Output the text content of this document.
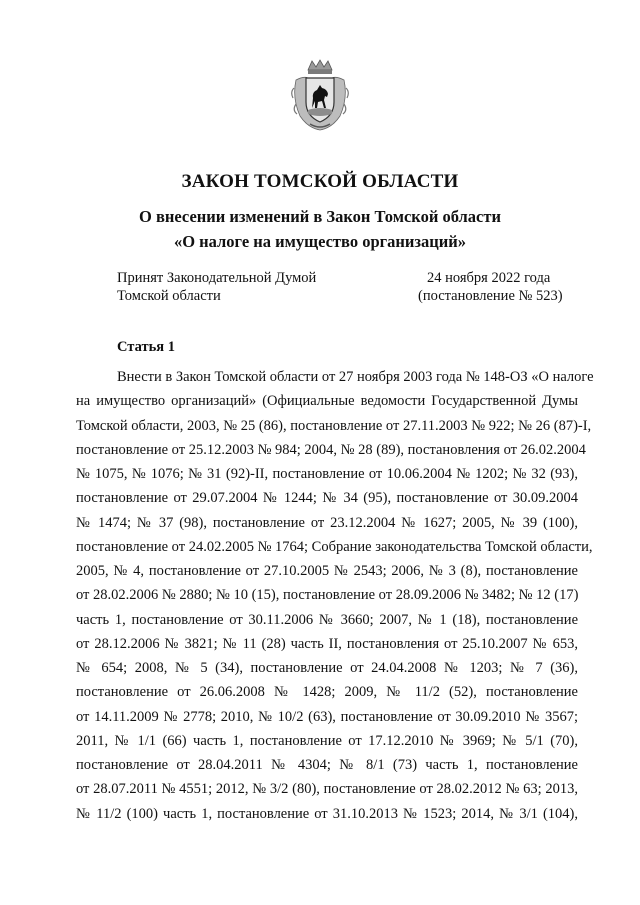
ЗАКОН ТОМСКОЙ ОБЛАСТИ
О внесении изменений в Закон Томской области
«О налоге на имущество организаций»
Принят Законодательной Думой
Томской области
24 ноября 2022 года
(постановление № 523)
Статья 1
Внести в Закон Томской области от 27 ноября 2003 года № 148-ОЗ «О налоге
на имущество организаций» (Официальные ведомости Государственной Думы
Томской области, 2003, № 25 (86), постановление от 27.11.2003 № 922; № 26 (87)-I,
постановление от 25.12.2003 № 984; 2004, № 28 (89), постановления от 26.02.2004
№ 1075, № 1076; № 31 (92)-II, постановление от 10.06.2004 № 1202; № 32 (93),
постановление от 29.07.2004 № 1244; № 34 (95), постановление от 30.09.2004
№ 1474; № 37 (98), постановление от 23.12.2004 № 1627; 2005, № 39 (100),
постановление от 24.02.2005 № 1764; Собрание законодательства Томской области,
2005, № 4, постановление от 27.10.2005 № 2543; 2006, № 3 (8), постановление
от 28.02.2006 № 2880; № 10 (15), постановление от 28.09.2006 № 3482; № 12 (17)
часть 1, постановление от 30.11.2006 № 3660; 2007, № 1 (18), постановление
от 28.12.2006 № 3821; № 11 (28) часть II, постановления от 25.10.2007 № 653,
№ 654; 2008, № 5 (34), постановление от 24.04.2008 № 1203; № 7 (36),
постановление от 26.06.2008 № 1428; 2009, № 11/2 (52), постановление
от 14.11.2009 № 2778; 2010, № 10/2 (63), постановление от 30.09.2010 № 3567;
2011, № 1/1 (66) часть 1, постановление от 17.12.2010 № 3969; № 5/1 (70),
постановление от 28.04.2011 № 4304; № 8/1 (73) часть 1, постановление
от 28.07.2011 № 4551; 2012, № 3/2 (80), постановление от 28.02.2012 № 63; 2013,
№ 11/2 (100) часть 1, постановление от 31.10.2013 № 1523; 2014, № 3/1 (104),
